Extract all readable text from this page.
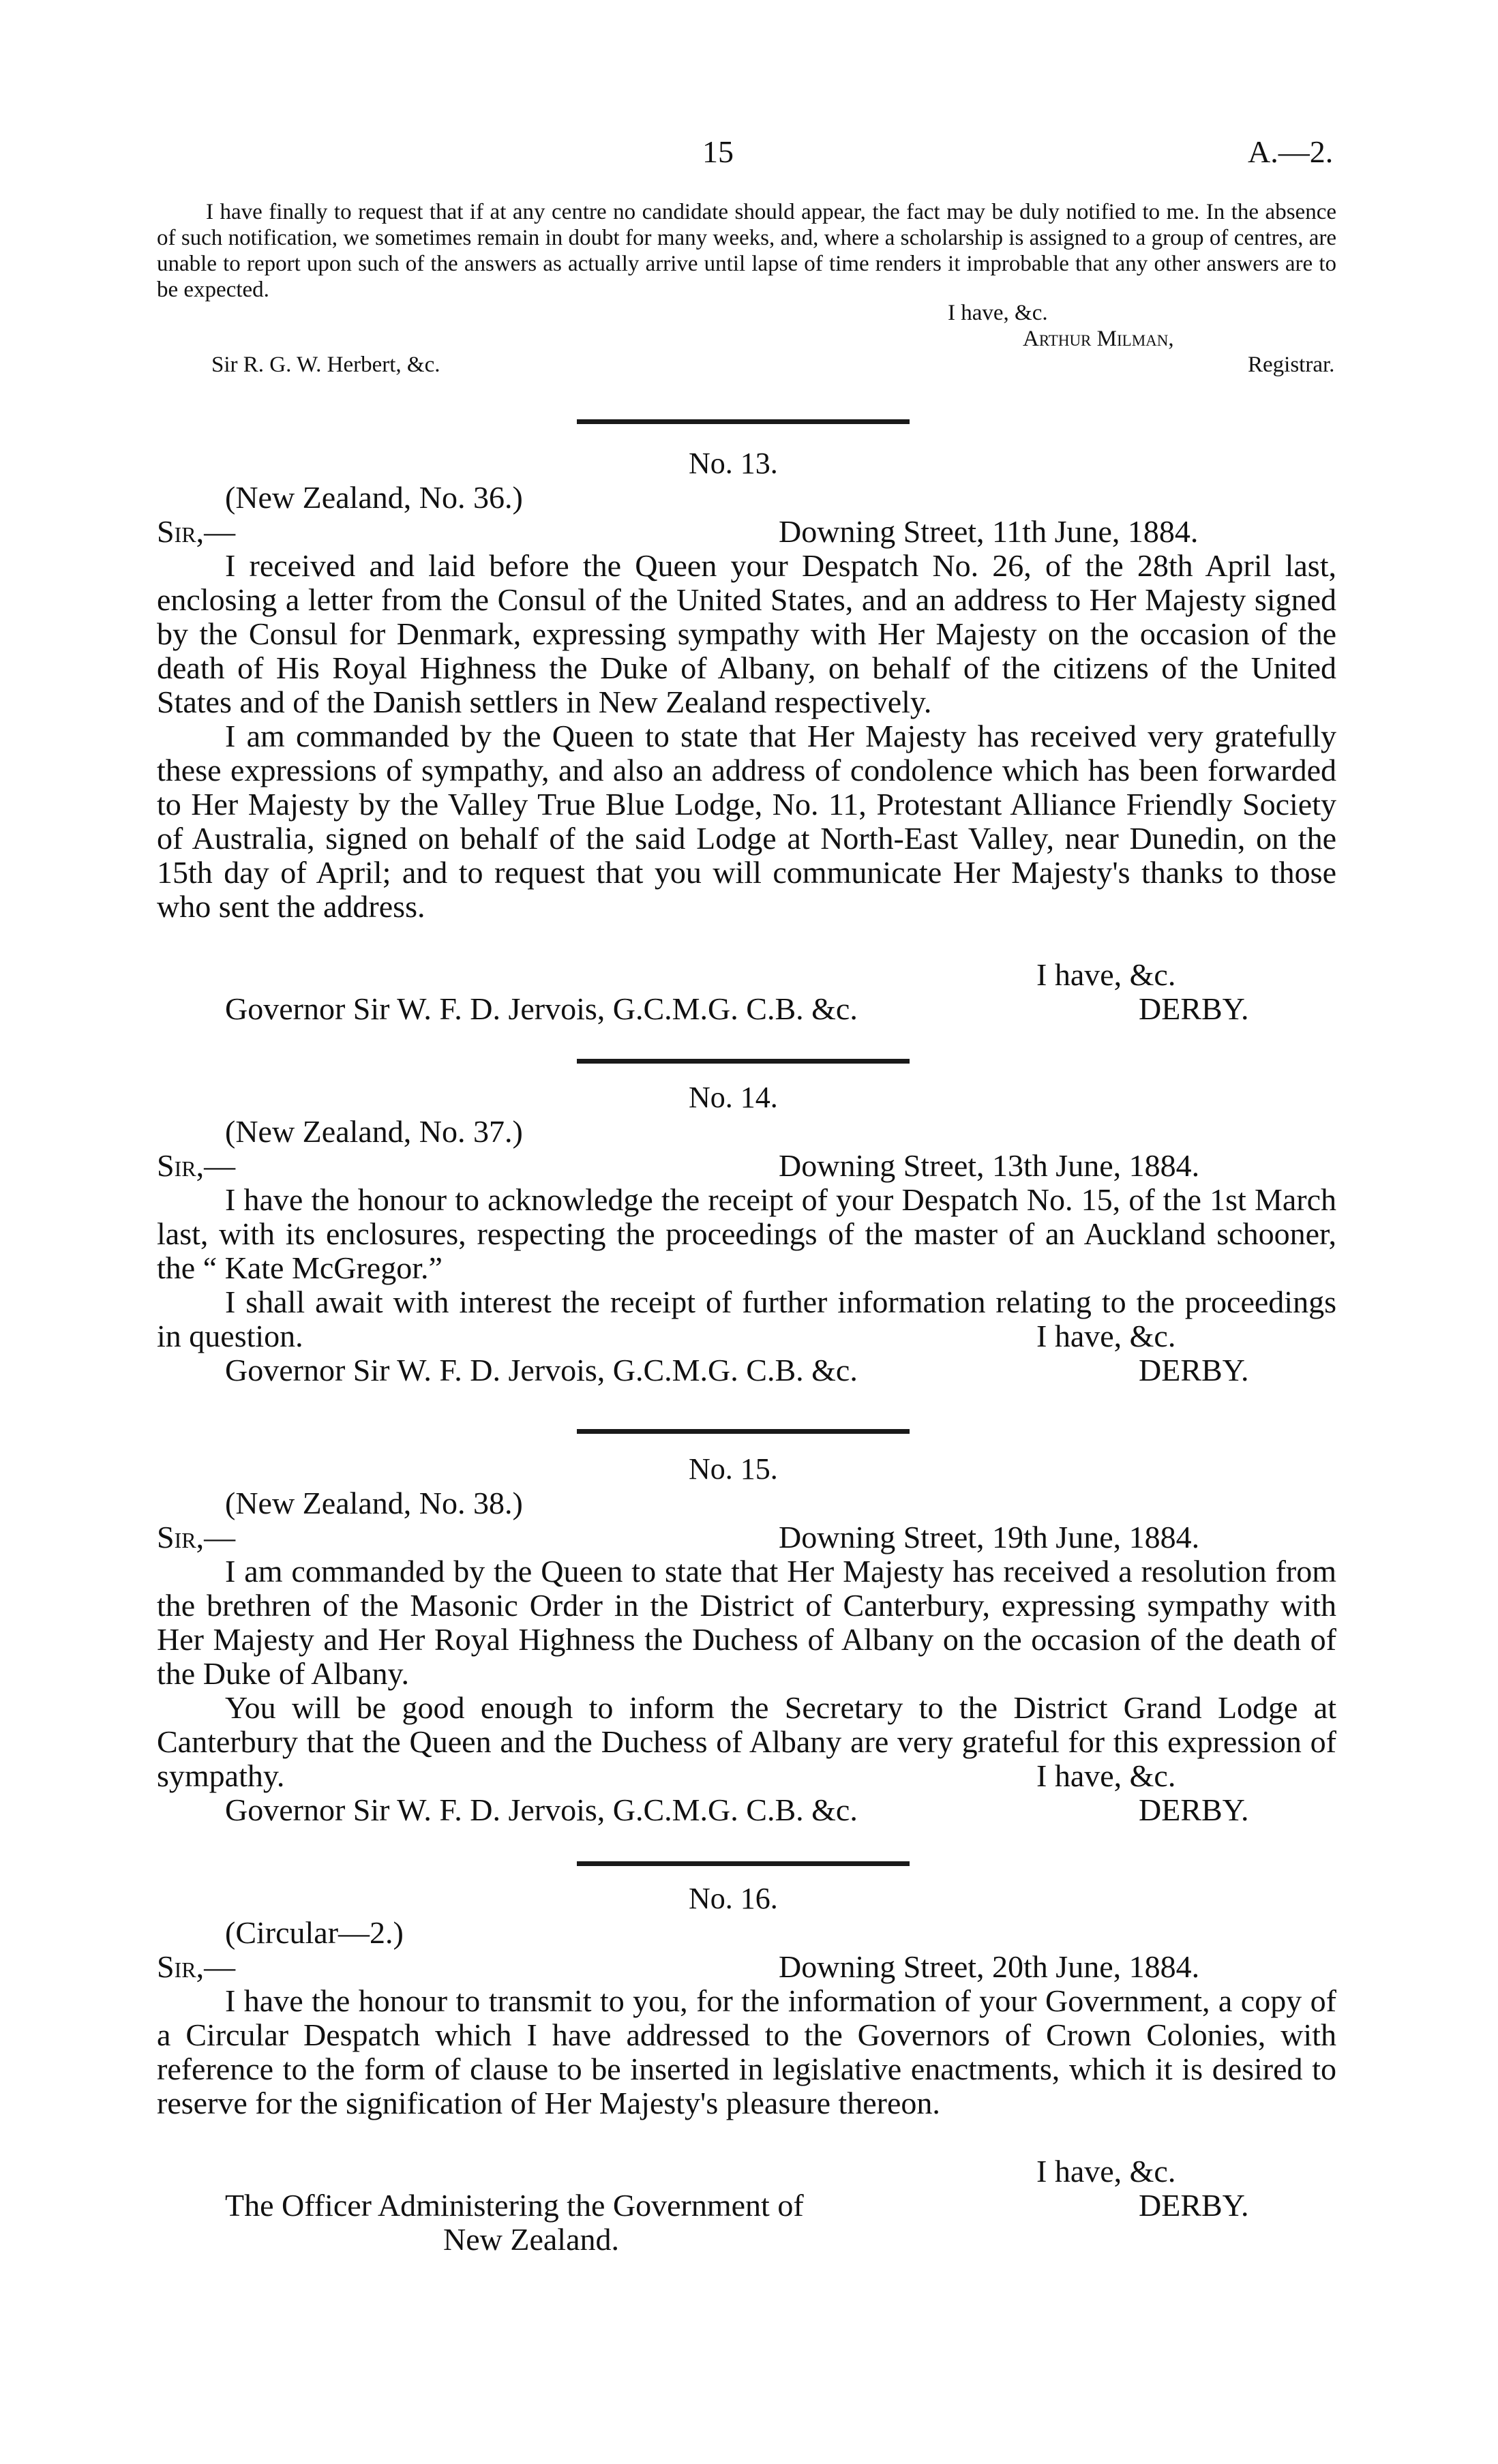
15	A.—2.

I have finally to request that if at any centre no candidate should appear, the fact may be duly notified to me. In the absence of such notification, we sometimes remain in doubt for many weeks, and, where a scholarship is assigned to a group of centres, are unable to report upon such of the answers as actually arrive until lapse of time renders it improbable that any other answers are to be expected.

I have, &c.
Arthur Milman,
Sir R. G. W. Herbert, &c.	Registrar.
No. 13.
(New Zealand, No. 36.)
Sir,—	Downing Street, 11th June, 1884.

I received and laid before the Queen your Despatch No. 26, of the 28th April last, enclosing a letter from the Consul of the United States, and an address to Her Majesty signed by the Consul for Denmark, expressing sympathy with Her Majesty on the occasion of the death of His Royal Highness the Duke of Albany, on behalf of the citizens of the United States and of the Danish settlers in New Zealand respectively.

I am commanded by the Queen to state that Her Majesty has received very gratefully these expressions of sympathy, and also an address of condolence which has been forwarded to Her Majesty by the Valley True Blue Lodge, No. 11, Protestant Alliance Friendly Society of Australia, signed on behalf of the said Lodge at North-East Valley, near Dunedin, on the 15th day of April; and to request that you will communicate Her Majesty's thanks to those who sent the address.

I have, &c.
Governor Sir W. F. D. Jervois, G.C.M.G. C.B. &c.	DERBY.
No. 14.
(New Zealand, No. 37.)
Sir,—	Downing Street, 13th June, 1884.

I have the honour to acknowledge the receipt of your Despatch No. 15, of the 1st March last, with its enclosures, respecting the proceedings of the master of an Auckland schooner, the “ Kate McGregor.”

I shall await with interest the receipt of further information relating to the proceedings in question.	I have, &c.
Governor Sir W. F. D. Jervois, G.C.M.G. C.B. &c.	DERBY.
No. 15.
(New Zealand, No. 38.)
Sir,—	Downing Street, 19th June, 1884.

I am commanded by the Queen to state that Her Majesty has received a resolution from the brethren of the Masonic Order in the District of Canterbury, expressing sympathy with Her Majesty and Her Royal Highness the Duchess of Albany on the occasion of the death of the Duke of Albany.

You will be good enough to inform the Secretary to the District Grand Lodge at Canterbury that the Queen and the Duchess of Albany are very grateful for this expression of sympathy.	I have, &c.
Governor Sir W. F. D. Jervois, G.C.M.G. C.B. &c.	DERBY.
No. 16.
(Circular—2.)
Sir,—	Downing Street, 20th June, 1884.

I have the honour to transmit to you, for the information of your Government, a copy of a Circular Despatch which I have addressed to the Governors of Crown Colonies, with reference to the form of clause to be inserted in legislative enactments, which it is desired to reserve for the signification of Her Majesty's pleasure thereon.

I have, &c.
The Officer Administering the Government of	DERBY.
New Zealand.
